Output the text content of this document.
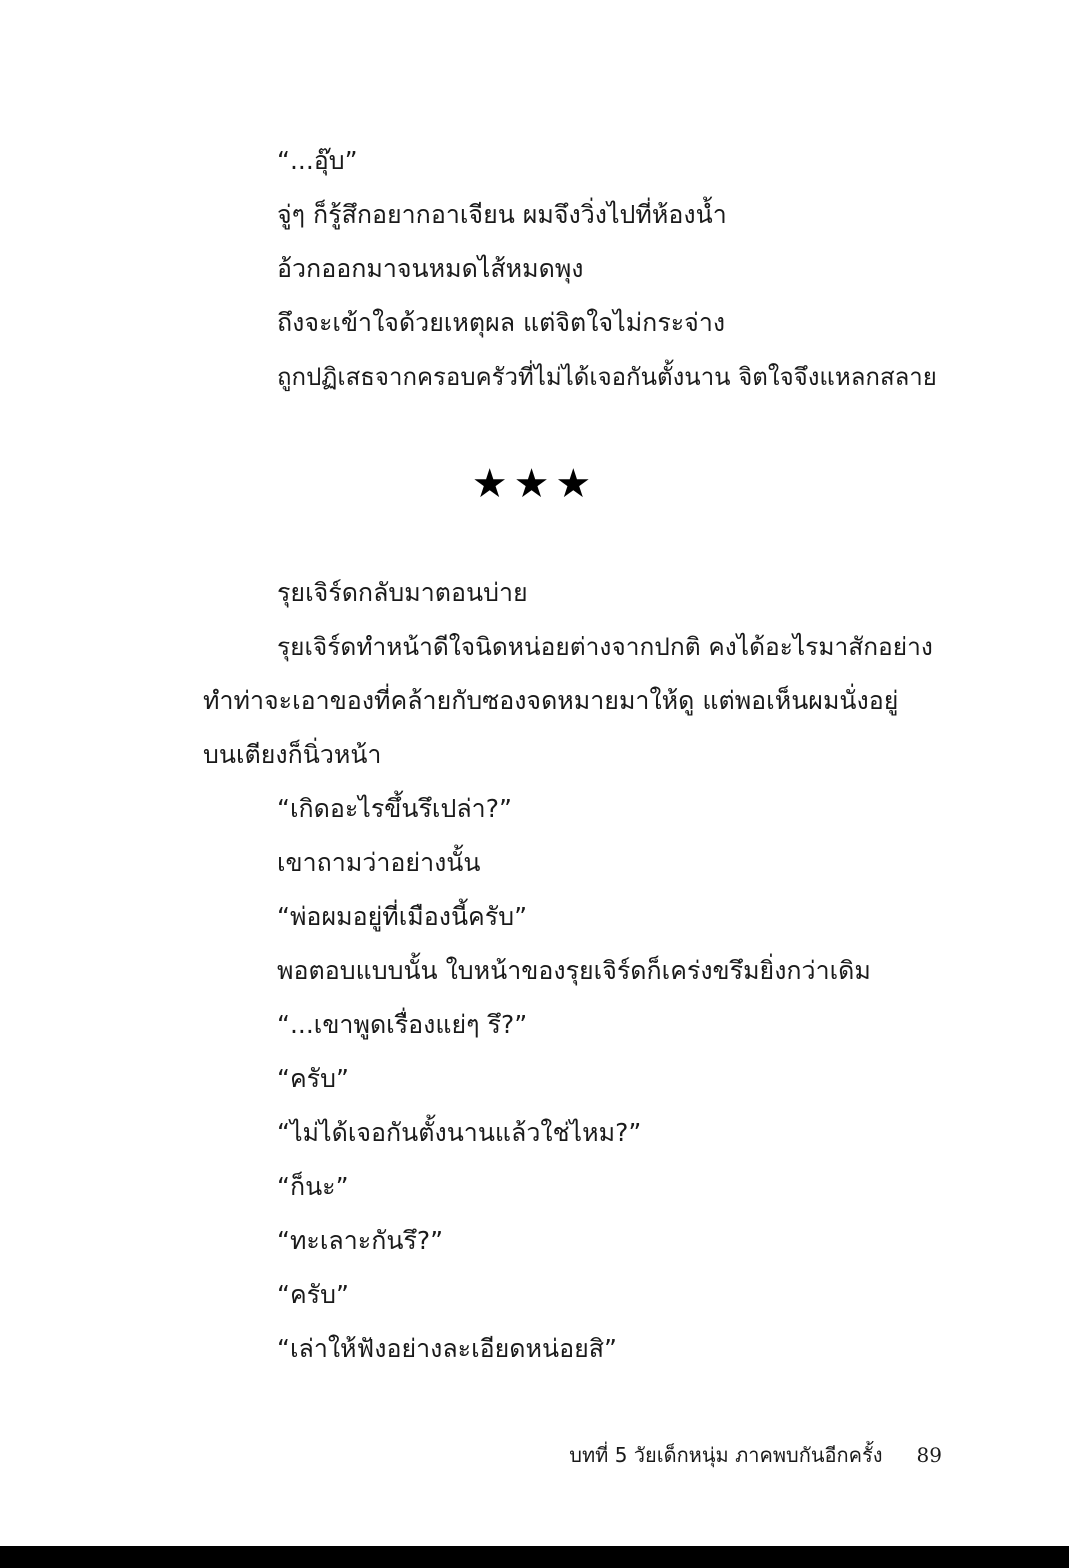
“...อุ๊บ”
จู่ๆ ก็รู้สึกอยากอาเจียน ผมจึงวิ่งไปที่ห้องน้ำ
อ้วกออกมาจนหมดไส้หมดพุง
ถึงจะเข้าใจด้วยเหตุผล แต่จิตใจไม่กระจ่าง
ถูกปฏิเสธจากครอบครัวที่ไม่ได้เจอกันตั้งนาน จิตใจจึงแหลกสลาย
★★★
รุยเจิร์ดกลับมาตอนบ่าย
รุยเจิร์ดทำหน้าดีใจนิดหน่อยต่างจากปกติ คงได้อะไรมาสักอย่าง
ทำท่าจะเอาของที่คล้ายกับซองจดหมายมาให้ดู แต่พอเห็นผมนั่งอยู่
บนเตียงก็นิ่วหน้า
“เกิดอะไรขึ้นรึเปล่า?”
เขาถามว่าอย่างนั้น
“พ่อผมอยู่ที่เมืองนี้ครับ”
พอตอบแบบนั้น ใบหน้าของรุยเจิร์ดก็เคร่งขรึมยิ่งกว่าเดิม
“...เขาพูดเรื่องแย่ๆ รึ?”
“ครับ”
“ไม่ได้เจอกันตั้งนานแล้วใช่ไหม?”
“ก็นะ”
“ทะเลาะกันรึ?”
“ครับ”
“เล่าให้ฟังอย่างละเอียดหน่อยสิ”
บทที่ 5 วัยเด็กหนุ่ม ภาคพบกันอีกครั้ง 89
